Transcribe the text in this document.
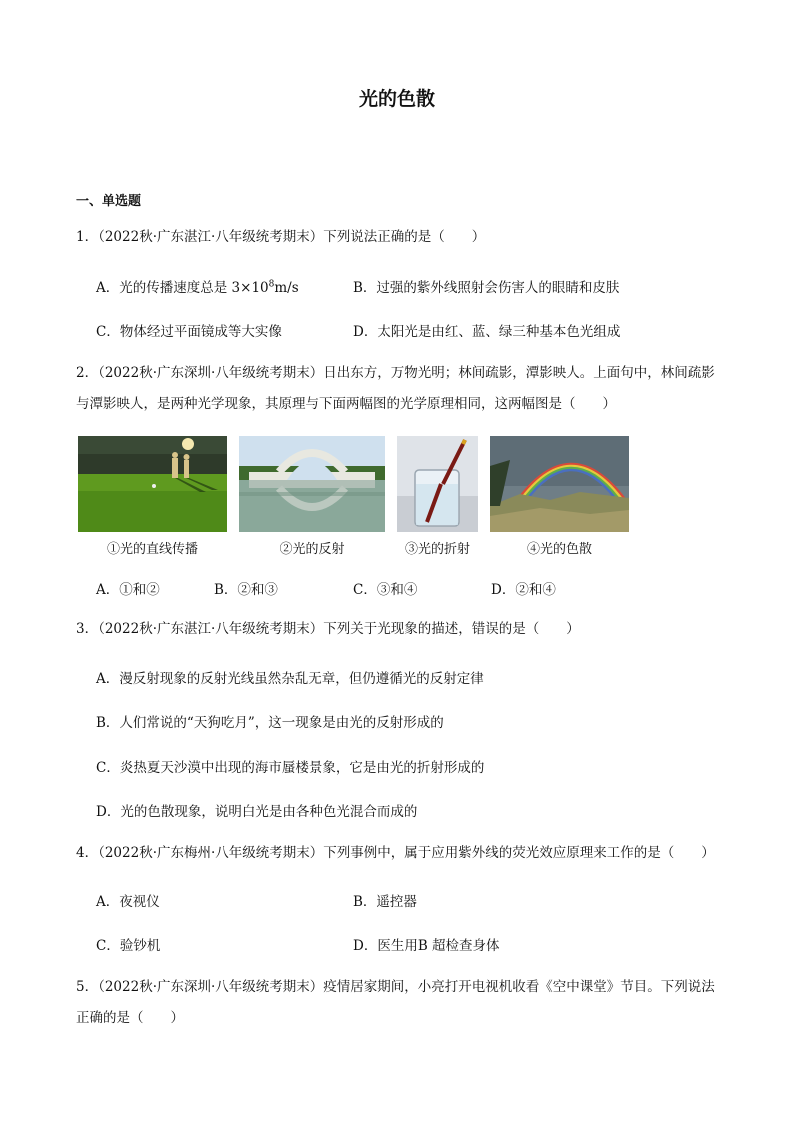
光的色散
一、单选题
1．（2022秋·广东湛江·八年级统考期末）下列说法正确的是（　　）
A．光的传播速度总是 $3\times 10^8m/s$	B．过强的紫外线照射会伤害人的眼睛和皮肤
C．物体经过平面镜成等大实像	D．太阳光是由红、蓝、绿三种基本色光组成
2．（2022秋·广东深圳·八年级统考期末）日出东方，万物光明；林间疏影，潭影映人。上面句中，林间疏影与潭影映人，是两种光学现象，其原理与下面两幅图的光学原理相同，这两幅图是（　　）
①光的直线传播	②光的反射	③光的折射	④光的色散
A．①和②	B．②和③	C．③和④	D．②和④
3．（2022秋·广东湛江·八年级统考期末）下列关于光现象的描述，错误的是（　　）
A．漫反射现象的反射光线虽然杂乱无章，但仍遵循光的反射定律
B．人们常说的“天狗吃月”，这一现象是由光的反射形成的
C．炎热夏天沙漠中出现的海市蜃楼景象，它是由光的折射形成的
D．光的色散现象，说明白光是由各种色光混合而成的
4．（2022秋·广东梅州·八年级统考期末）下列事例中，属于应用紫外线的荧光效应原理来工作的是（　　）
A．夜视仪	B．遥控器
C．验钞机	D．医生用B 超检查身体
5．（2022秋·广东深圳·八年级统考期末）疫情居家期间，小亮打开电视机收看《空中课堂》节目。下列说法正确的是（　　）
